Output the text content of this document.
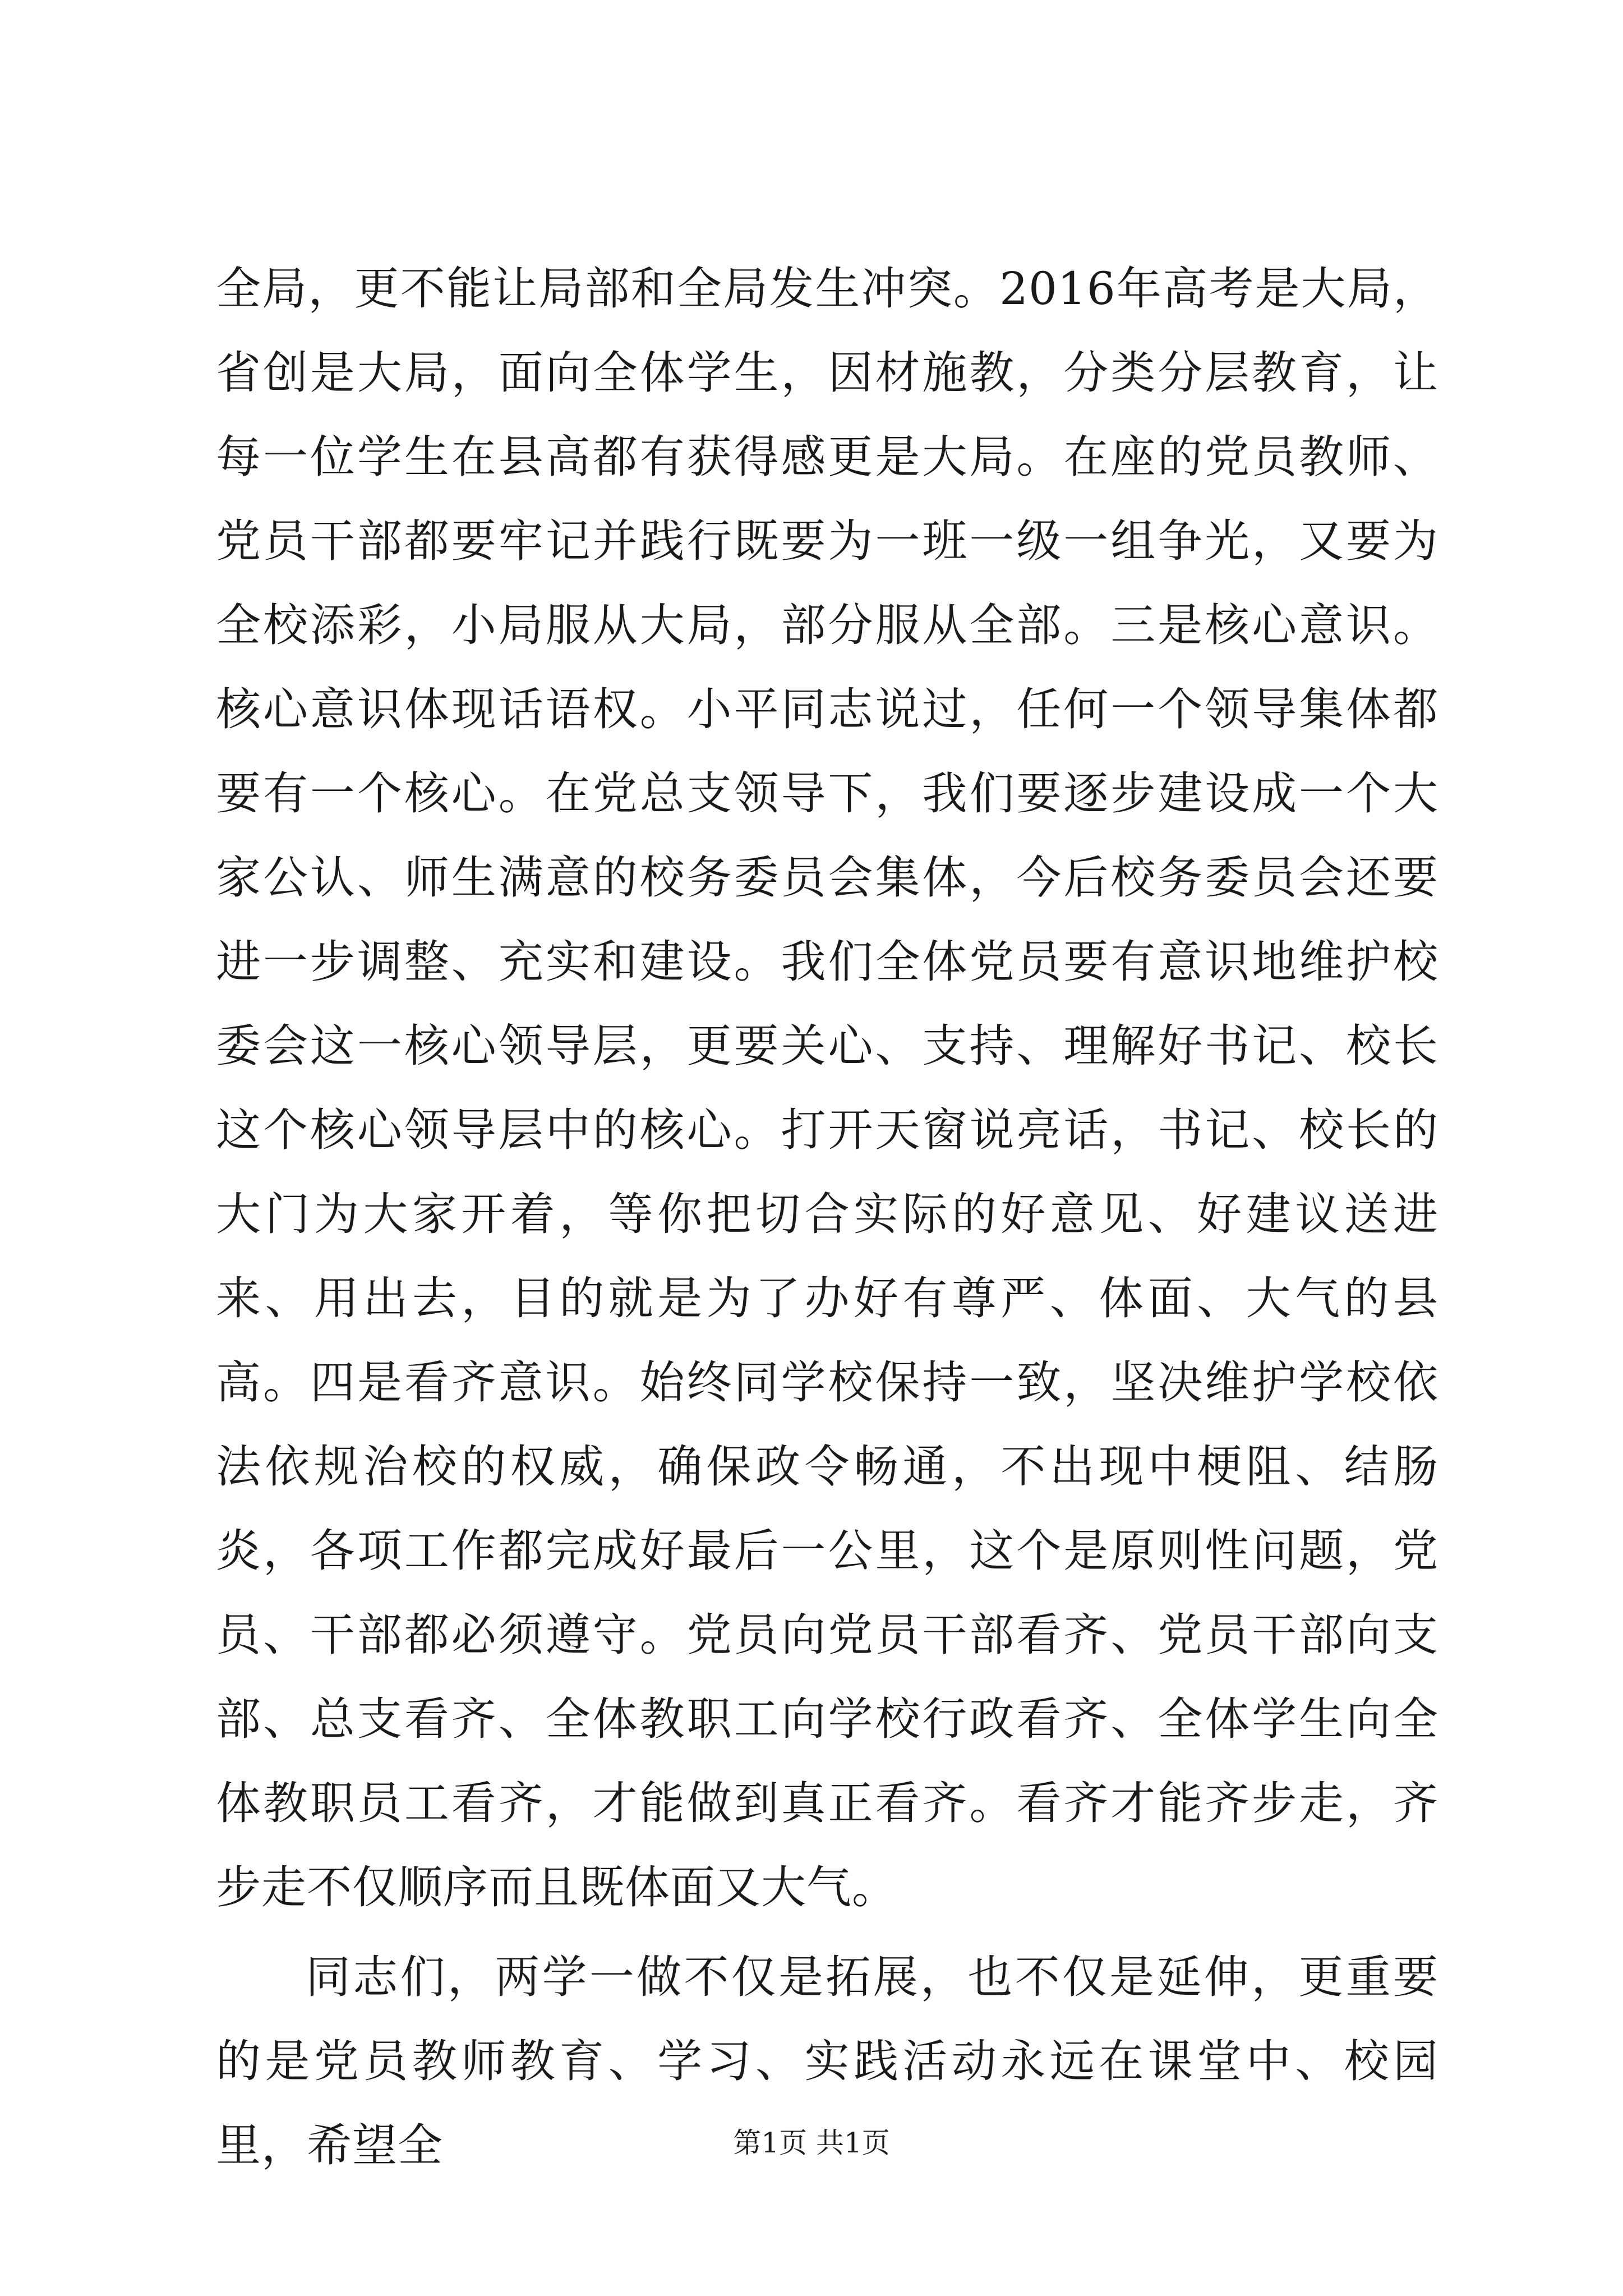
全局，更不能让局部和全局发生冲突。2016年高考是大局，省创是大局，面向全体学生，因材施教，分类分层教育，让每一位学生在县高都有获得感更是大局。在座的党员教师、党员干部都要牢记并践行既要为一班一级一组争光，又要为全校添彩，小局服从大局，部分服从全部。三是核心意识。核心意识体现话语权。小平同志说过，任何一个领导集体都要有一个核心。在党总支领导下，我们要逐步建设成一个大家公认、师生满意的校务委员会集体，今后校务委员会还要进一步调整、充实和建设。我们全体党员要有意识地维护校委会这一核心领导层，更要关心、支持、理解好书记、校长这个核心领导层中的核心。打开天窗说亮话，书记、校长的大门为大家开着，等你把切合实际的好意见、好建议送进来、用出去，目的就是为了办好有尊严、体面、大气的县高。四是看齐意识。始终同学校保持一致，坚决维护学校依法依规治校的权威，确保政令畅通，不出现中梗阻、结肠炎，各项工作都完成好最后一公里，这个是原则性问题，党员、干部都必须遵守。党员向党员干部看齐、党员干部向支部、总支看齐、全体教职工向学校行政看齐、全体学生向全体教职员工看齐，才能做到真正看齐。看齐才能齐步走，齐步走不仅顺序而且既体面又大气。

同志们，两学一做不仅是拓展，也不仅是延伸，更重要的是党员教师教育、学习、实践活动永远在课堂中、校园里，希望全	第1页 共1页
